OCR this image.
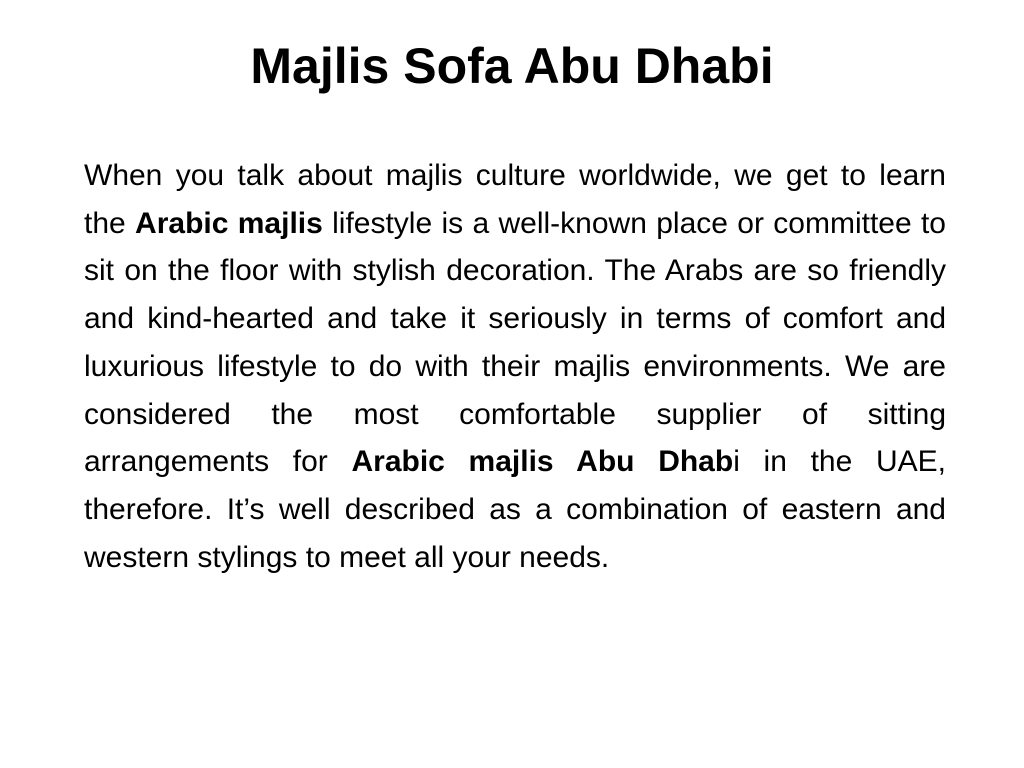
Majlis Sofa Abu Dhabi

When you talk about majlis culture worldwide, we get to learn the Arabic majlis lifestyle is a well-known place or committee to sit on the floor with stylish decoration. The Arabs are so friendly and kind-hearted and take it seriously in terms of comfort and luxurious lifestyle to do with their majlis environments. We are considered the most comfortable supplier of sitting arrangements for Arabic majlis Abu Dhabi in the UAE, therefore. It’s well described as a combination of eastern and western stylings to meet all your needs.
